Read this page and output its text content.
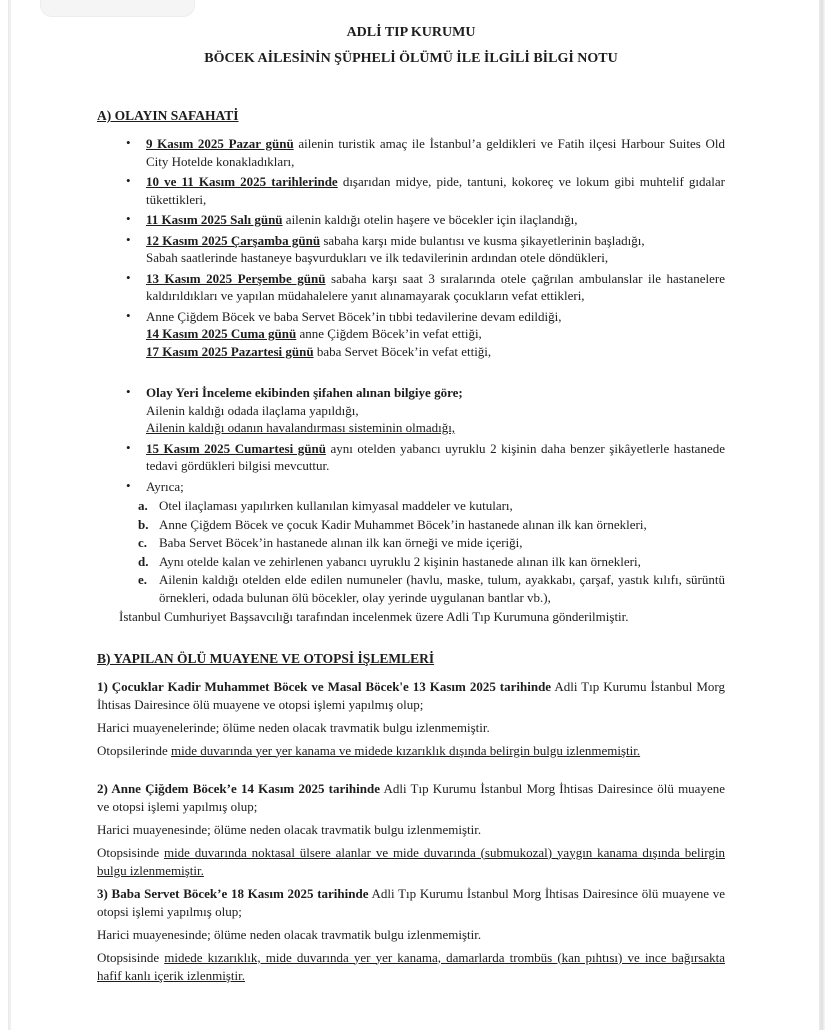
ADLİ TIP KURUMU
BÖCEK AİLESİNİN ŞÜPHELİ ÖLÜMÜ İLE İLGİLİ BİLGİ NOTU
A) OLAYIN SAFAHATİ
• 9 Kasım 2025 Pazar günü ailenin turistik amaç ile İstanbul’a geldikleri ve Fatih ilçesi Harbour Suites Old City Hotelde konakladıkları,
• 10 ve 11 Kasım 2025 tarihlerinde dışarıdan midye, pide, tantuni, kokoreç ve lokum gibi muhtelif gıdalar tükettikleri,
• 11 Kasım 2025 Salı günü ailenin kaldığı otelin haşere ve böcekler için ilaçlandığı,
• 12 Kasım 2025 Çarşamba günü sabaha karşı mide bulantısı ve kusma şikayetlerinin başladığı,
Sabah saatlerinde hastaneye başvurdukları ve ilk tedavilerinin ardından otele döndükleri,
• 13 Kasım 2025 Perşembe günü sabaha karşı saat 3 sıralarında otele çağrılan ambulanslar ile hastanelere kaldırıldıkları ve yapılan müdahalelere yanıt alınamayarak çocukların vefat ettikleri,
• Anne Çiğdem Böcek ve baba Servet Böcek’in tıbbi tedavilerine devam edildiği,
14 Kasım 2025 Cuma günü anne Çiğdem Böcek’in vefat ettiği,
17 Kasım 2025 Pazartesi günü baba Servet Böcek’in vefat ettiği,
• Olay Yeri İnceleme ekibinden şifahen alınan bilgiye göre;
Ailenin kaldığı odada ilaçlama yapıldığı,
Ailenin kaldığı odanın havalandırması sisteminin olmadığı,
• 15 Kasım 2025 Cumartesi günü aynı otelden yabancı uyruklu 2 kişinin daha benzer şikâyetlerle hastanede tedavi gördükleri bilgisi mevcuttur.
• Ayrıca;
a. Otel ilaçlaması yapılırken kullanılan kimyasal maddeler ve kutuları,
b. Anne Çiğdem Böcek ve çocuk Kadir Muhammet Böcek’in hastanede alınan ilk kan örnekleri,
c. Baba Servet Böcek’in hastanede alınan ilk kan örneği ve mide içeriği,
d. Aynı otelde kalan ve zehirlenen yabancı uyruklu 2 kişinin hastanede alınan ilk kan örnekleri,
e. Ailenin kaldığı otelden elde edilen numuneler (havlu, maske, tulum, ayakkabı, çarşaf, yastık kılıfı, sürüntü örnekleri, odada bulunan ölü böcekler, olay yerinde uygulanan bantlar vb.),
İstanbul Cumhuriyet Başsavcılığı tarafından incelenmek üzere Adli Tıp Kurumuna gönderilmiştir.
B) YAPILAN ÖLÜ MUAYENE VE OTOPSİ İŞLEMLERİ

1) Çocuklar Kadir Muhammet Böcek ve Masal Böcek'e 13 Kasım 2025 tarihinde Adli Tıp Kurumu İstanbul Morg İhtisas Dairesince ölü muayene ve otopsi işlemi yapılmış olup;

Harici muayenelerinde; ölüme neden olacak travmatik bulgu izlenmemiştir.

Otopsilerinde mide duvarında yer yer kanama ve midede kızarıklık dışında belirgin bulgu izlenmemiştir.

2) Anne Çiğdem Böcek’e 14 Kasım 2025 tarihinde Adli Tıp Kurumu İstanbul Morg İhtisas Dairesince ölü muayene ve otopsi işlemi yapılmış olup;

Harici muayenesinde; ölüme neden olacak travmatik bulgu izlenmemiştir.

Otopsisinde mide duvarında noktasal ülsere alanlar ve mide duvarında (submukozal) yaygın kanama dışında belirgin bulgu izlenmemiştir.

3) Baba Servet Böcek’e 18 Kasım 2025 tarihinde Adli Tıp Kurumu İstanbul Morg İhtisas Dairesince ölü muayene ve otopsi işlemi yapılmış olup;

Harici muayenesinde; ölüme neden olacak travmatik bulgu izlenmemiştir.

Otopsisinde midede kızarıklık, mide duvarında yer yer kanama, damarlarda trombüs (kan pıhtısı) ve ince bağırsakta hafif kanlı içerik izlenmiştir.
